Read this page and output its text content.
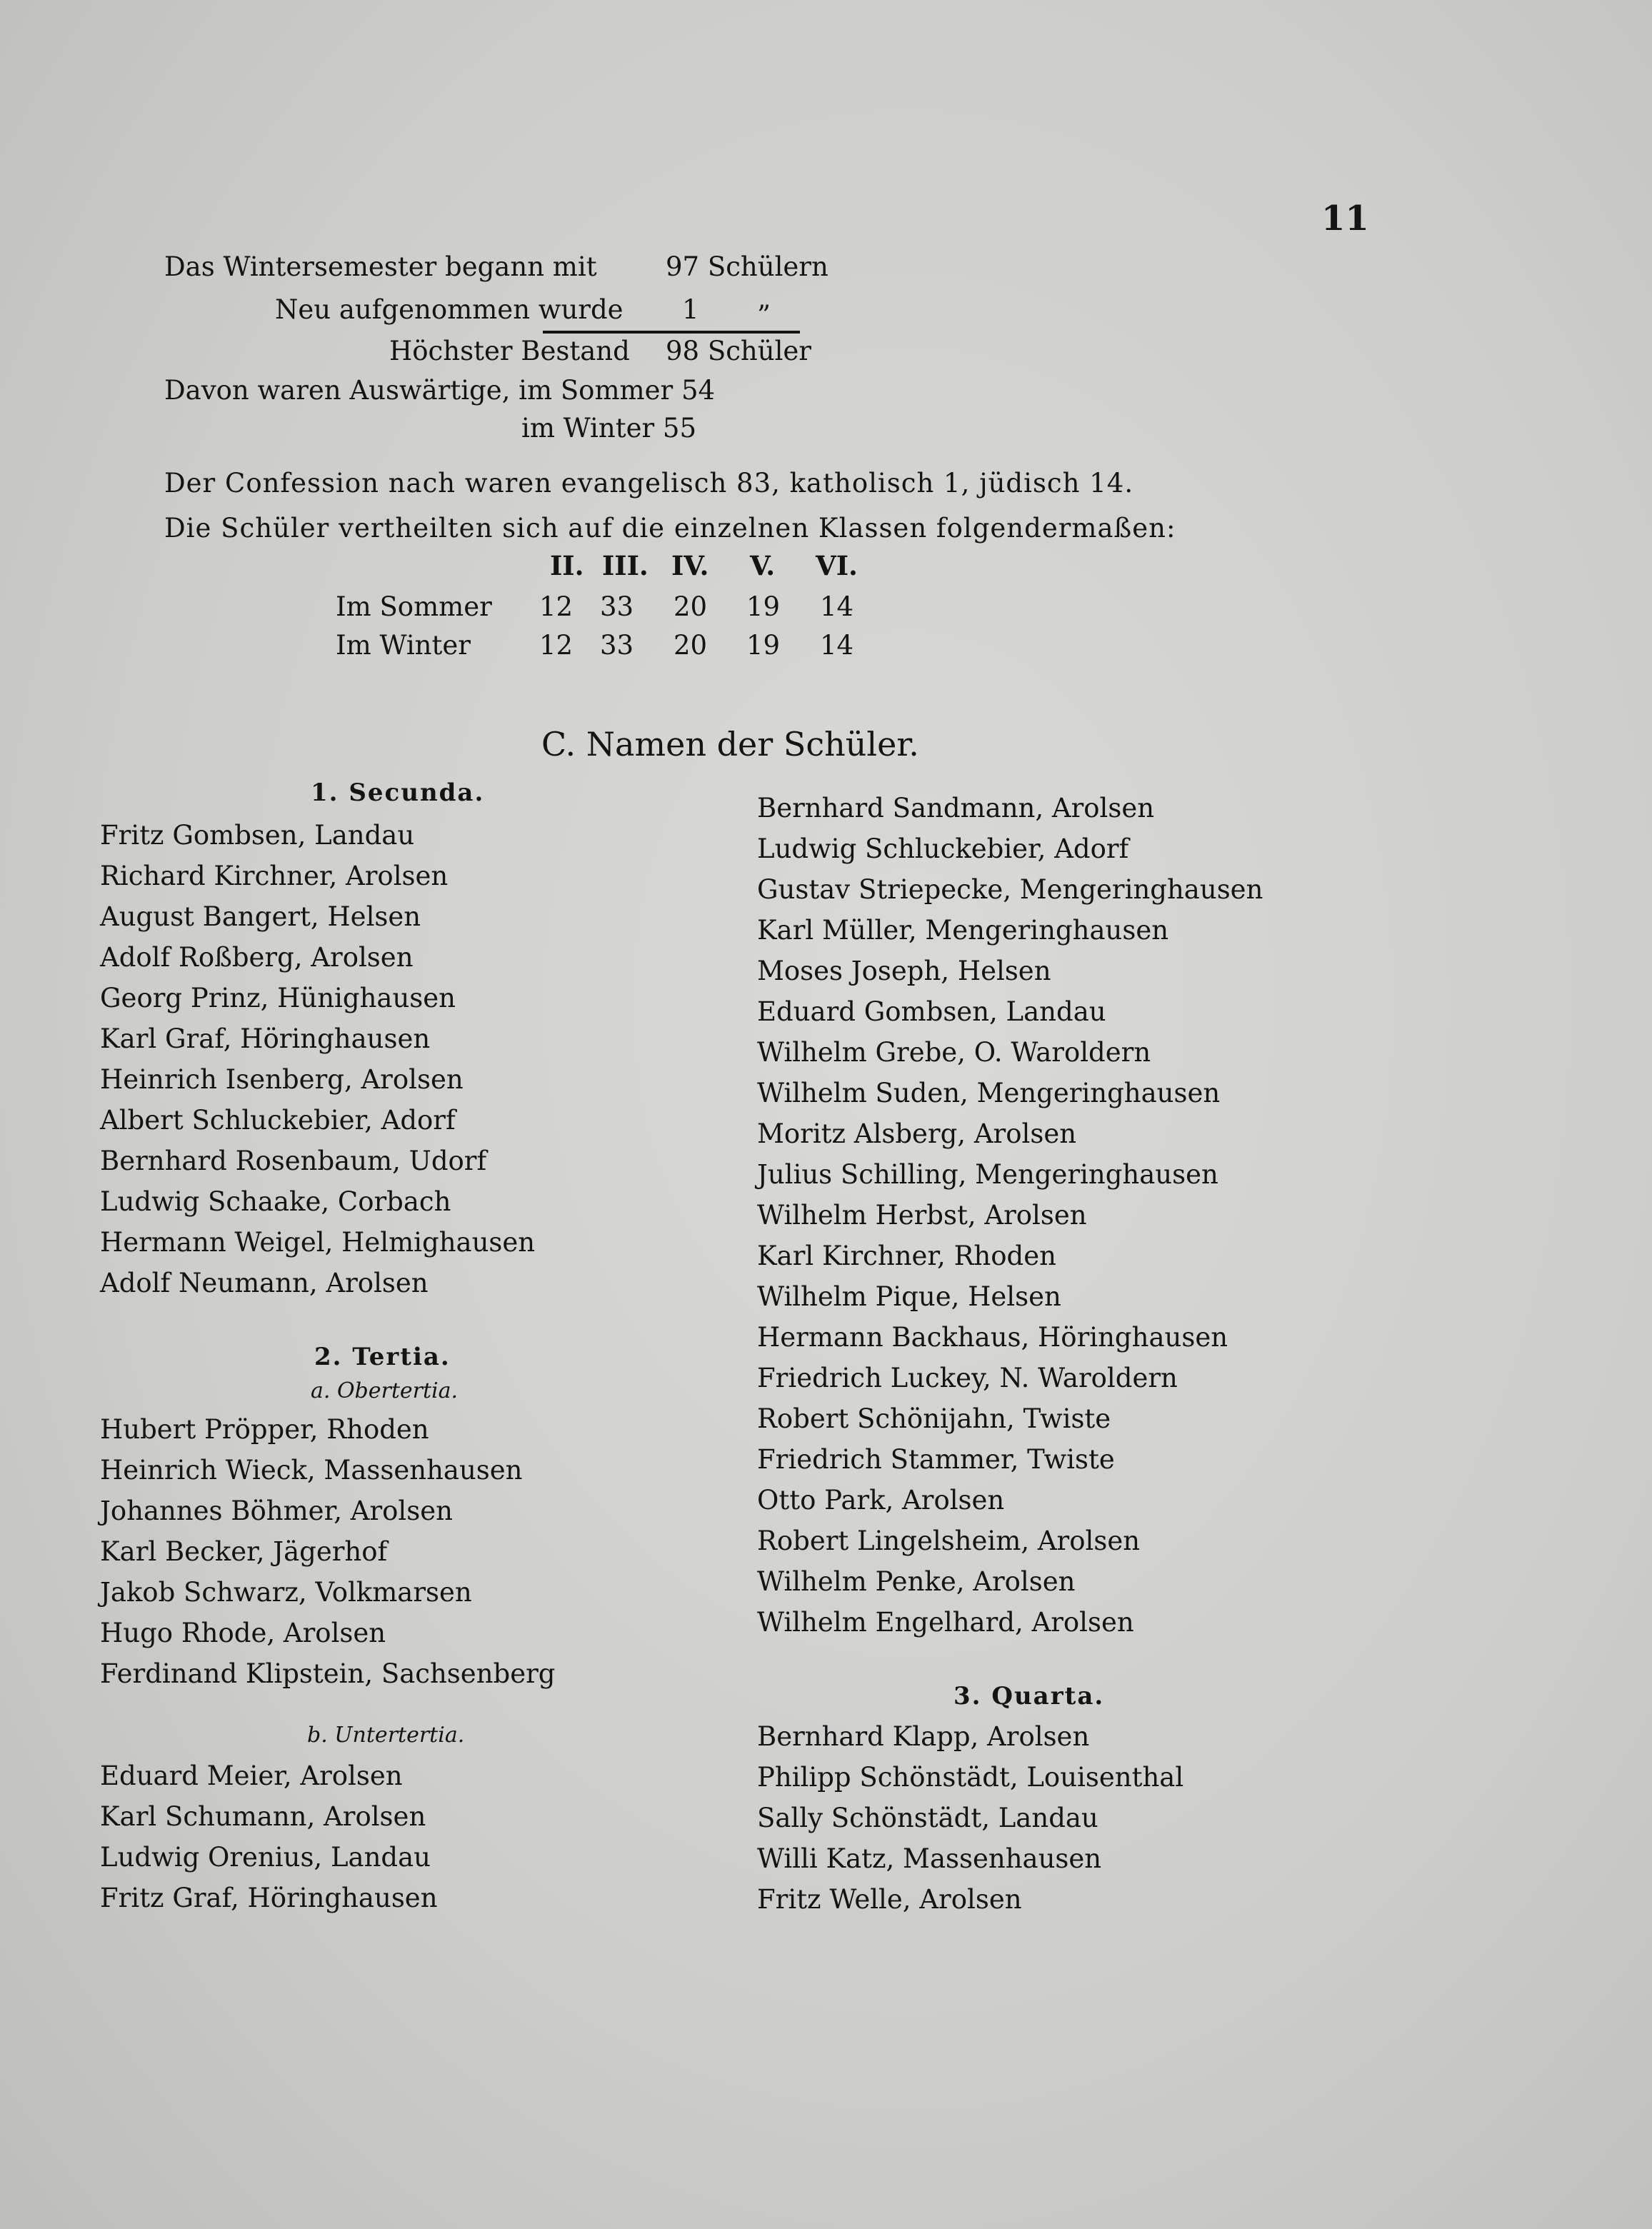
11
Das Wintersemester begann mit	97 Schülern
Neu aufgenommen wurde 1 ”
Höchster Bestand 98 Schüler
Davon waren Auswärtige, im Sommer 54
im Winter 55
Der Confession nach waren evangelisch 83, katholisch 1, jüdisch 14.
Die Schüler vertheilten sich auf die einzelnen Klassen folgendermaßen:
II. III. IV. V. VI.
Im Sommer 12 33 20 19 14
Im Winter	12 33 20 19 14
C. Namen der Schüler.
1. Secunda.
Fritz Gombsen, Landau
Richard Kirchner, Arolsen
August Bangert, Helsen
Adolf Roßberg, Arolsen
Georg Prinz, Hünighausen
Karl Graf, Höringhausen
Heinrich Isenberg, Arolsen
Albert Schluckebier, Adorf
Bernhard Rosenbaum, Udorf
Ludwig Schaake, Corbach
Hermann Weigel, Helmighausen
Adolf Neumann, Arolsen
2. Tertia.
a. Obertertia.
Hubert Pröpper, Rhoden
Heinrich Wieck, Massenhausen
Johannes Böhmer, Arolsen
Karl Becker, Jägerhof
Jakob Schwarz, Volkmarsen
Hugo Rhode, Arolsen
Ferdinand Klipstein, Sachsenberg
b. Untertertia.
Eduard Meier, Arolsen
Karl Schumann, Arolsen
Ludwig Orenius, Landau
Fritz Graf, Höringhausen
Bernhard Sandmann, Arolsen
Ludwig Schluckebier, Adorf
Gustav Striepecke, Mengeringhausen
Karl Müller, Mengeringhausen
Moses Joseph, Helsen
Eduard Gombsen, Landau
Wilhelm Grebe, O. Waroldern
Wilhelm Suden, Mengeringhausen
Moritz Alsberg, Arolsen
Julius Schilling, Mengeringhausen
Wilhelm Herbst, Arolsen
Karl Kirchner, Rhoden
Wilhelm Pique, Helsen
Hermann Backhaus, Höringhausen
Friedrich Luckey, N. Waroldern
Robert Schönijahn, Twiste
Friedrich Stammer, Twiste
Otto Park, Arolsen
Robert Lingelsheim, Arolsen
Wilhelm Penke, Arolsen
Wilhelm Engelhard, Arolsen
3. Quarta.
Bernhard Klapp, Arolsen
Philipp Schönstädt, Louisenthal
Sally Schönstädt, Landau
Willi Katz, Massenhausen
Fritz Welle, Arolsen
